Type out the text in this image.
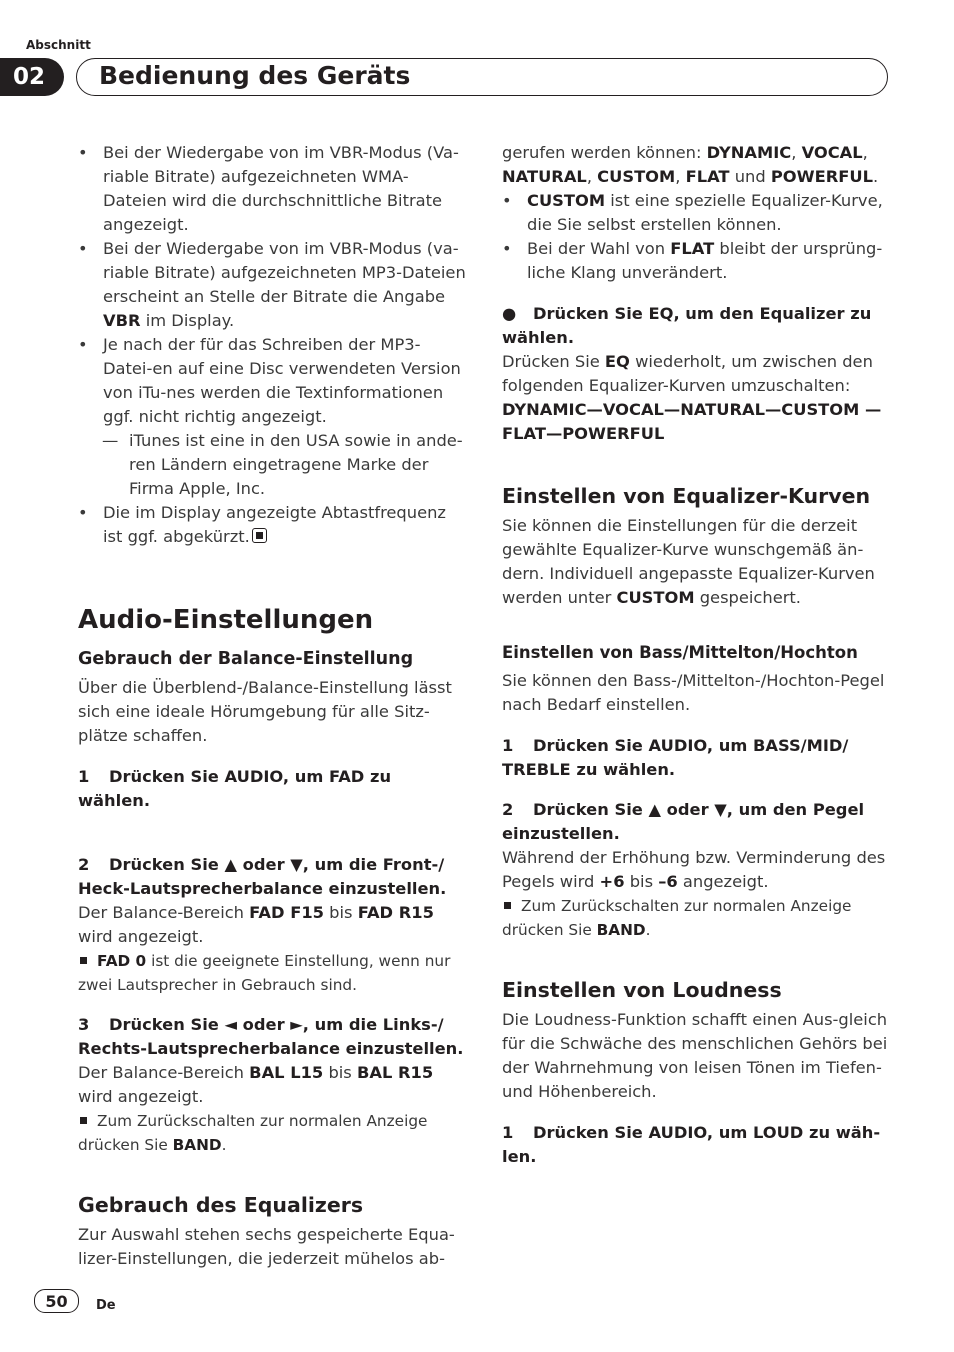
Abschnitt
02	Bedienung des Geräts
• Bei der Wiedergabe von im VBR-Modus (Va-riable Bitrate) aufgezeichneten WMA-Dateien wird die durchschnittliche Bitrate angezeigt.
• Bei der Wiedergabe von im VBR-Modus (va-riable Bitrate) aufgezeichneten MP3-Dateien erscheint an Stelle der Bitrate die Angabe
VBR im Display.
• Je nach der für das Schreiben der MP3-Datei-en auf eine Disc verwendeten Version von iTu-nes werden die Textinformationen ggf. nicht richtig angezeigt.
— iTunes ist eine in den USA sowie in ande-ren Ländern eingetragene Marke der Firma Apple, Inc.
• Die im Display angezeigte Abtastfrequenz ist ggf. abgekürzt.
Audio-Einstellungen
Gebrauch der Balance-Einstellung

Über die Überblend-/Balance-Einstellung lässt sich eine ideale Hörumgebung für alle Sitz-plätze schaffen.

1 Drücken Sie AUDIO, um FAD zu wählen.
2 Drücken Sie ▲ oder ▼, um die Front-/ Heck-Lautsprecherbalance einzustellen.

Der Balance-Bereich FAD F15 bis FAD R15 wird angezeigt.

FAD 0 ist die geeignete Einstellung, wenn nur zwei Lautsprecher in Gebrauch sind.

3 Drücken Sie ◄ oder ►, um die Links-/ Rechts-Lautsprecherbalance einzustellen.

Der Balance-Bereich BAL L15 bis BAL R15 wird angezeigt.

Zum Zurückschalten zur normalen Anzeige drücken Sie BAND.

Gebrauch des Equalizers

Zur Auswahl stehen sechs gespeicherte Equa-lizer-Einstellungen, die jederzeit mühelos ab-

gerufen werden können: DYNAMIC, VOCAL, NATURAL, CUSTOM, FLAT und POWERFUL.

• CUSTOM ist eine spezielle Equalizer-Kurve, die Sie selbst erstellen können.
• Bei der Wahl von FLAT bleibt der ursprüng-liche Klang unverändert.
● Drücken Sie EQ, um den Equalizer zu wählen.

Drücken Sie EQ wiederholt, um zwischen den folgenden Equalizer-Kurven umzuschalten:

DYNAMIC—VOCAL—NATURAL—CUSTOM —FLAT—POWERFUL

Einstellen von Equalizer-Kurven

Sie können die Einstellungen für die derzeit gewählte Equalizer-Kurve wunschgemäß än-dern. Individuell angepasste Equalizer-Kurven werden unter CUSTOM gespeichert.

Einstellen von Bass/Mittelton/Hochton

Sie können den Bass-/Mittelton-/Hochton-Pegel nach Bedarf einstellen.

1 Drücken Sie AUDIO, um BASS/MID/ TREBLE zu wählen.
2 Drücken Sie ▲ oder ▼, um den Pegel einzustellen.

Während der Erhöhung bzw. Verminderung des Pegels wird +6 bis –6 angezeigt.

Zum Zurückschalten zur normalen Anzeige drücken Sie BAND.

Einstellen von Loudness

Die Loudness-Funktion schafft einen Aus-gleich für die Schwäche des menschlichen Gehörs bei der Wahrnehmung von leisen Tönen im Tiefen- und Höhenbereich.

1 Drücken Sie AUDIO, um LOUD zu wäh-len.
50	De
